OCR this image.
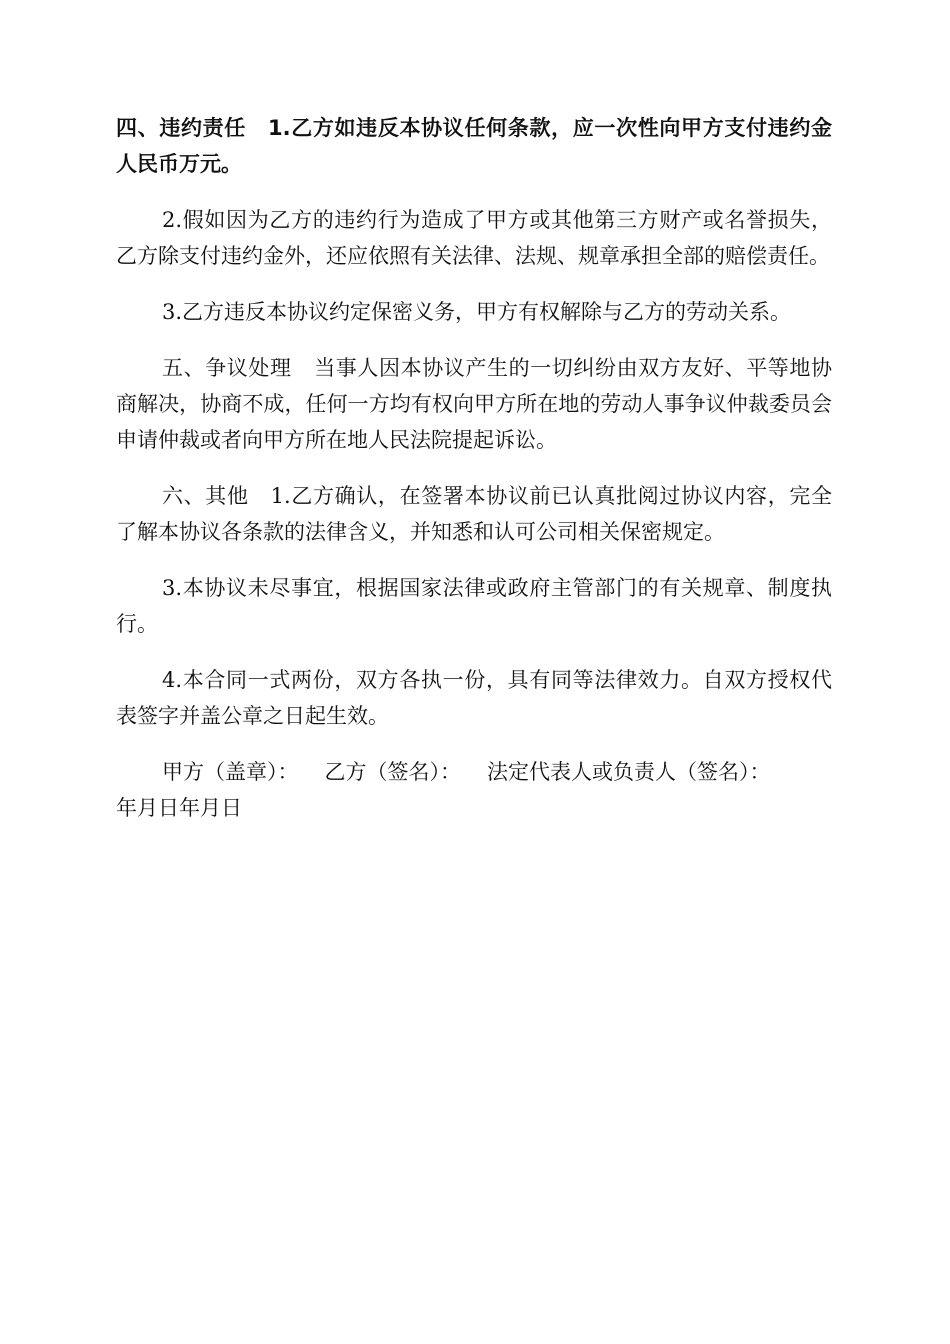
四、违约责任 1.乙方如违反本协议任何条款，应一次性向甲方支付违约金人民币万元。

2.假如因为乙方的违约行为造成了甲方或其他第三方财产或名誉损失，乙方除支付违约金外，还应依照有关法律、法规、规章承担全部的赔偿责任。

3.乙方违反本协议约定保密义务，甲方有权解除与乙方的劳动关系。

五、争议处理 当事人因本协议产生的一切纠纷由双方友好、平等地协商解决，协商不成，任何一方均有权向甲方所在地的劳动人事争议仲裁委员会申请仲裁或者向甲方所在地人民法院提起诉讼。

六、其他 1.乙方确认，在签署本协议前已认真批阅过协议内容，完全了解本协议各条款的法律含义，并知悉和认可公司相关保密规定。

3.本协议未尽事宜，根据国家法律或政府主管部门的有关规章、制度执行。

4.本合同一式两份，双方各执一份，具有同等法律效力。自双方授权代表签字并盖公章之日起生效。

甲方（盖章）： 乙方（签名）： 法定代表人或负责人（签名）：

年月日年月日
